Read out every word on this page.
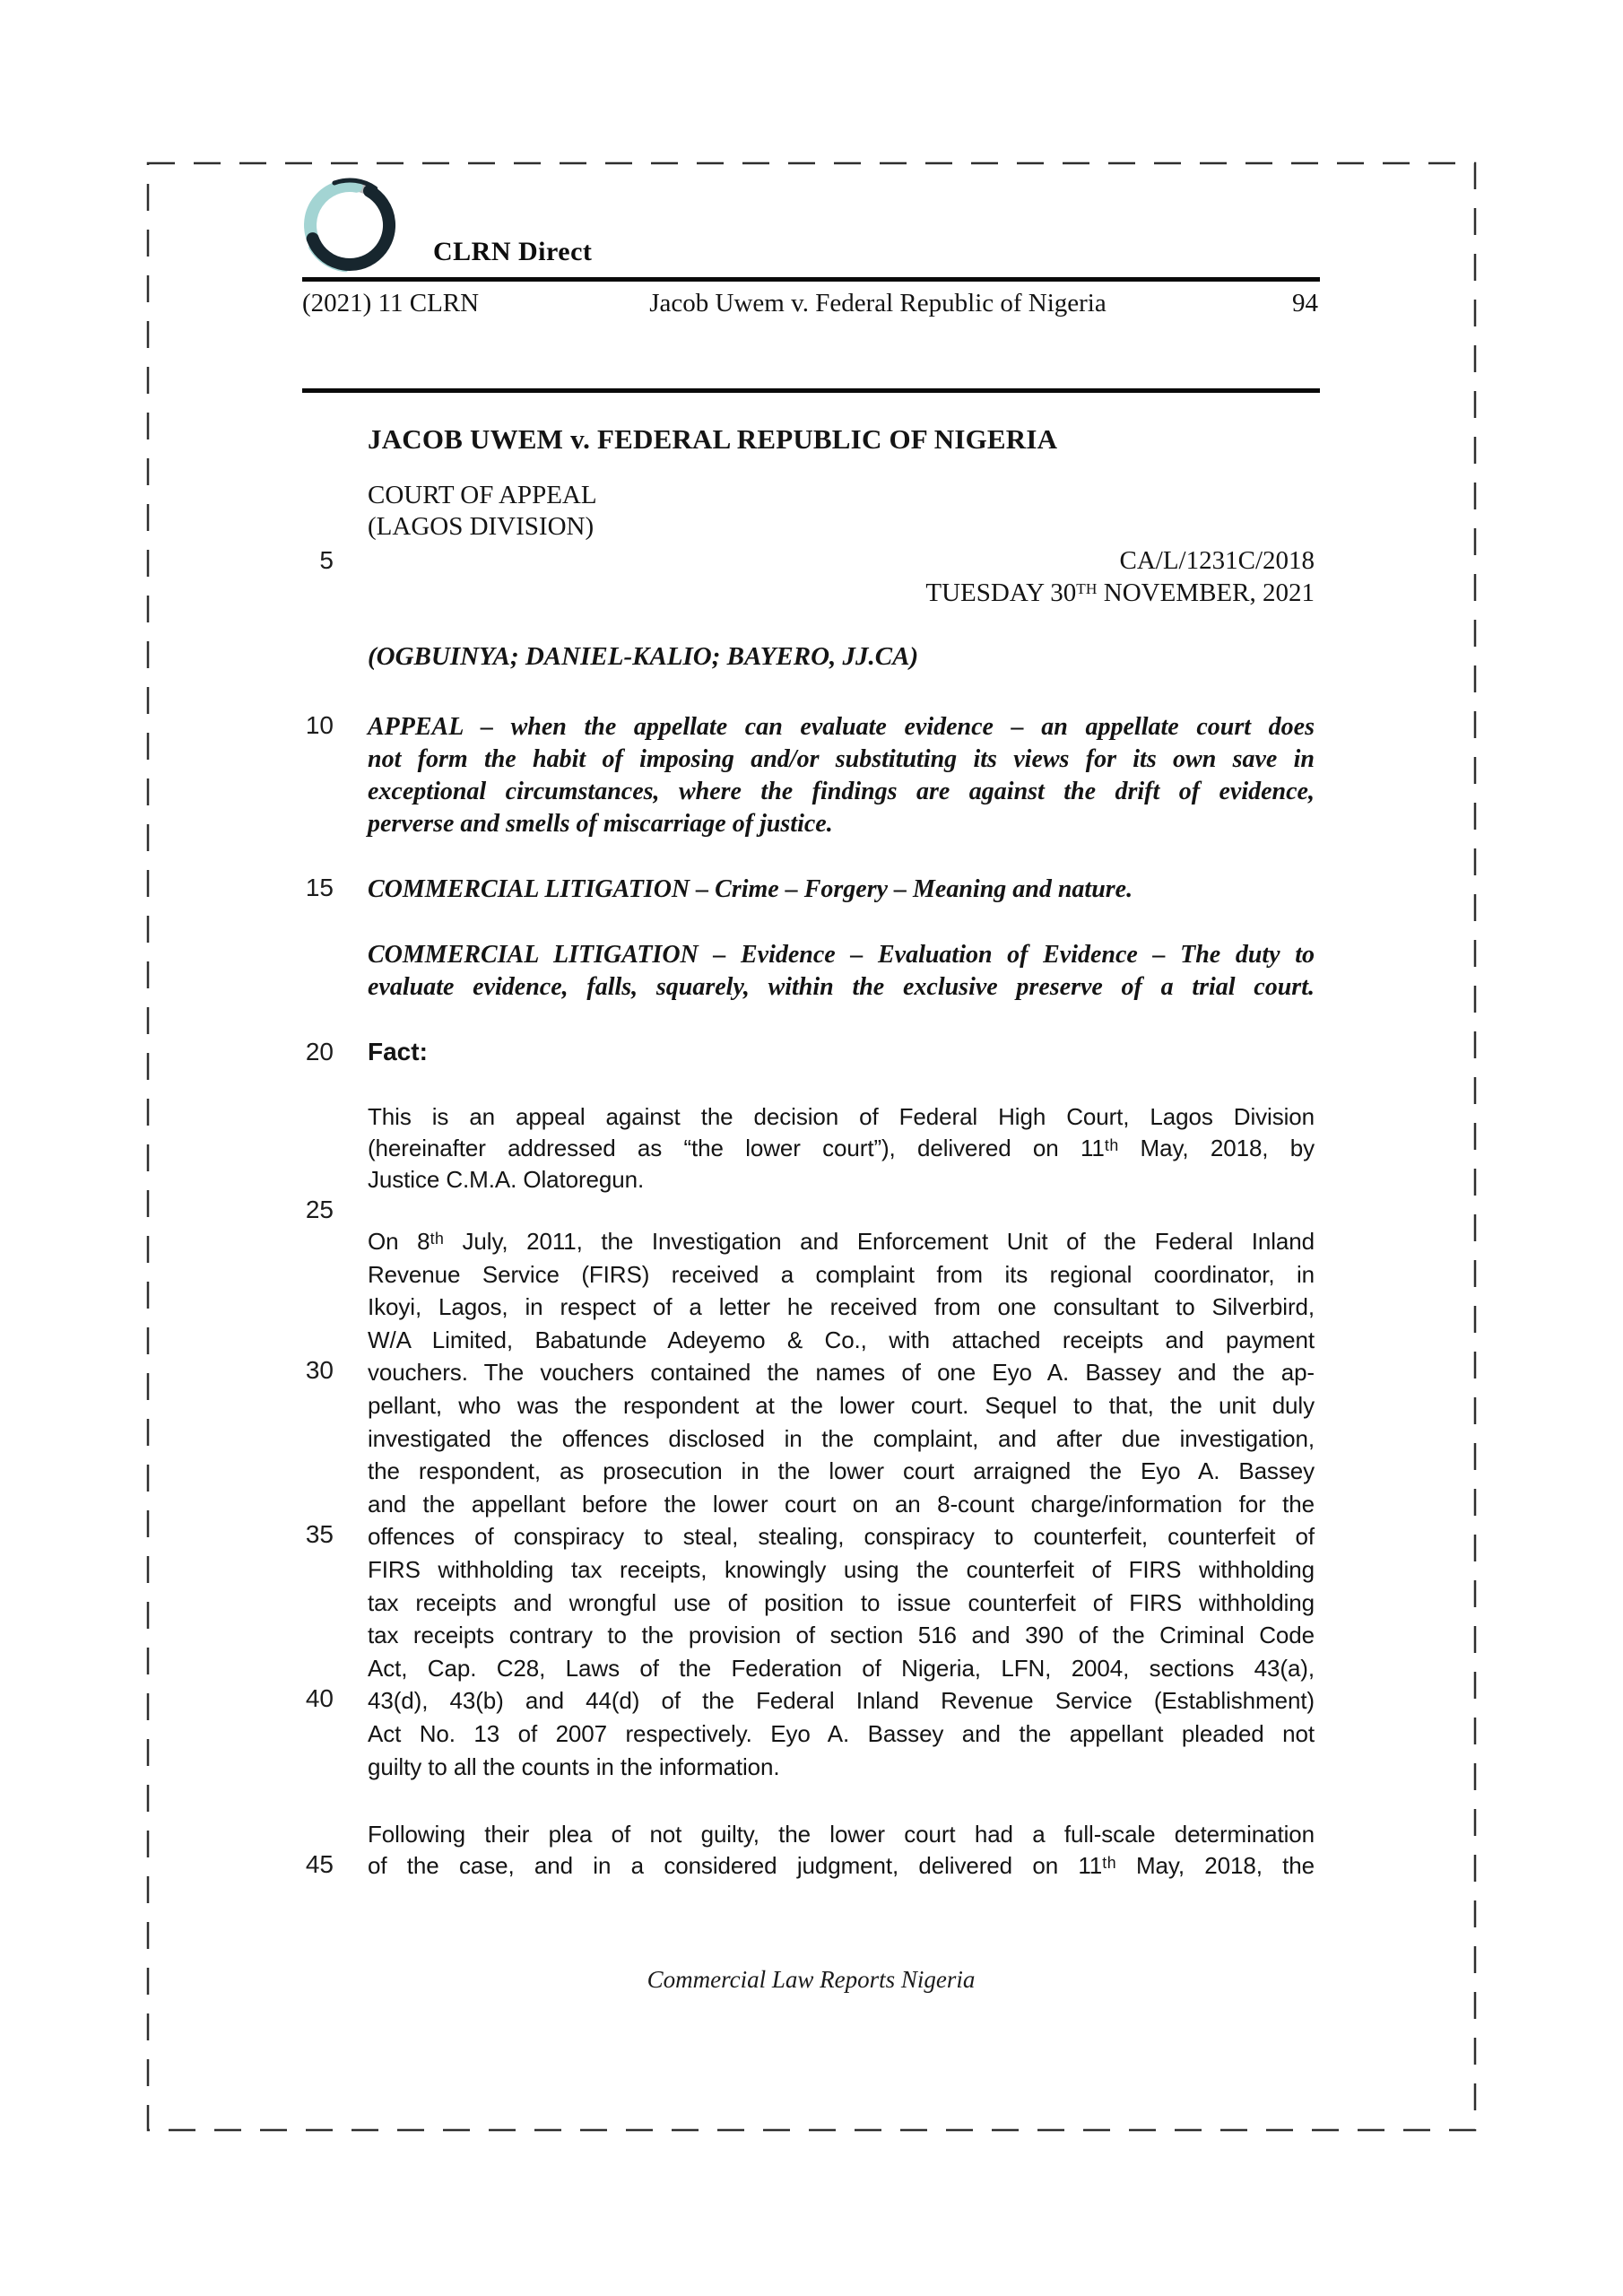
CLRN Direct
(2021) 11 CLRN	Jacob Uwem v. Federal Republic of Nigeria	94
5
10
15
20
25
30
35
40
45
JACOB UWEM v. FEDERAL REPUBLIC OF NIGERIA
COURT OF APPEAL
(LAGOS DIVISION)
CA/L/1231C/2018
TUESDAY 30ᵀᴴ NOVEMBER, 2021
(OGBUINYA; DANIEL-KALIO; BAYERO, JJ.CA)
APPEAL – when the appellate can evaluate evidence – an appellate court does
not form the habit of imposing and/or substituting its views for its own save in
exceptional circumstances, where the findings are against the drift of evidence,
perverse and smells of miscarriage of justice.
COMMERCIAL LITIGATION – Crime – Forgery – Meaning and nature.
COMMERCIAL LITIGATION – Evidence – Evaluation of Evidence – The duty to
evaluate evidence, falls, squarely, within the exclusive preserve of a trial court.
Fact:
This is an appeal against the decision of Federal High Court, Lagos Division
(hereinafter addressed as “the lower court”), delivered on 11ᵗʰ May, 2018, by
Justice C.M.A. Olatoregun.
On 8ᵗʰ July, 2011, the Investigation and Enforcement Unit of the Federal Inland
Revenue Service (FIRS) received a complaint from its regional coordinator, in
Ikoyi, Lagos, in respect of a letter he received from one consultant to Silverbird,
W/A Limited, Babatunde Adeyemo & Co., with attached receipts and payment
vouchers. The vouchers contained the names of one Eyo A. Bassey and the ap-
pellant, who was the respondent at the lower court. Sequel to that, the unit duly
investigated the offences disclosed in the complaint, and after due investigation,
the respondent, as prosecution in the lower court arraigned the Eyo A. Bassey
and the appellant before the lower court on an 8-count charge/information for the
offences of conspiracy to steal, stealing, conspiracy to counterfeit, counterfeit of
FIRS withholding tax receipts, knowingly using the counterfeit of FIRS withholding
tax receipts and wrongful use of position to issue counterfeit of FIRS withholding
tax receipts contrary to the provision of section 516 and 390 of the Criminal Code
Act, Cap. C28, Laws of the Federation of Nigeria, LFN, 2004, sections 43(a),
43(d), 43(b) and 44(d) of the Federal Inland Revenue Service (Establishment)
Act No. 13 of 2007 respectively. Eyo A. Bassey and the appellant pleaded not
guilty to all the counts in the information.
Following their plea of not guilty, the lower court had a full-scale determination
of the case, and in a considered judgment, delivered on 11ᵗʰ May, 2018, the
Commercial Law Reports Nigeria
